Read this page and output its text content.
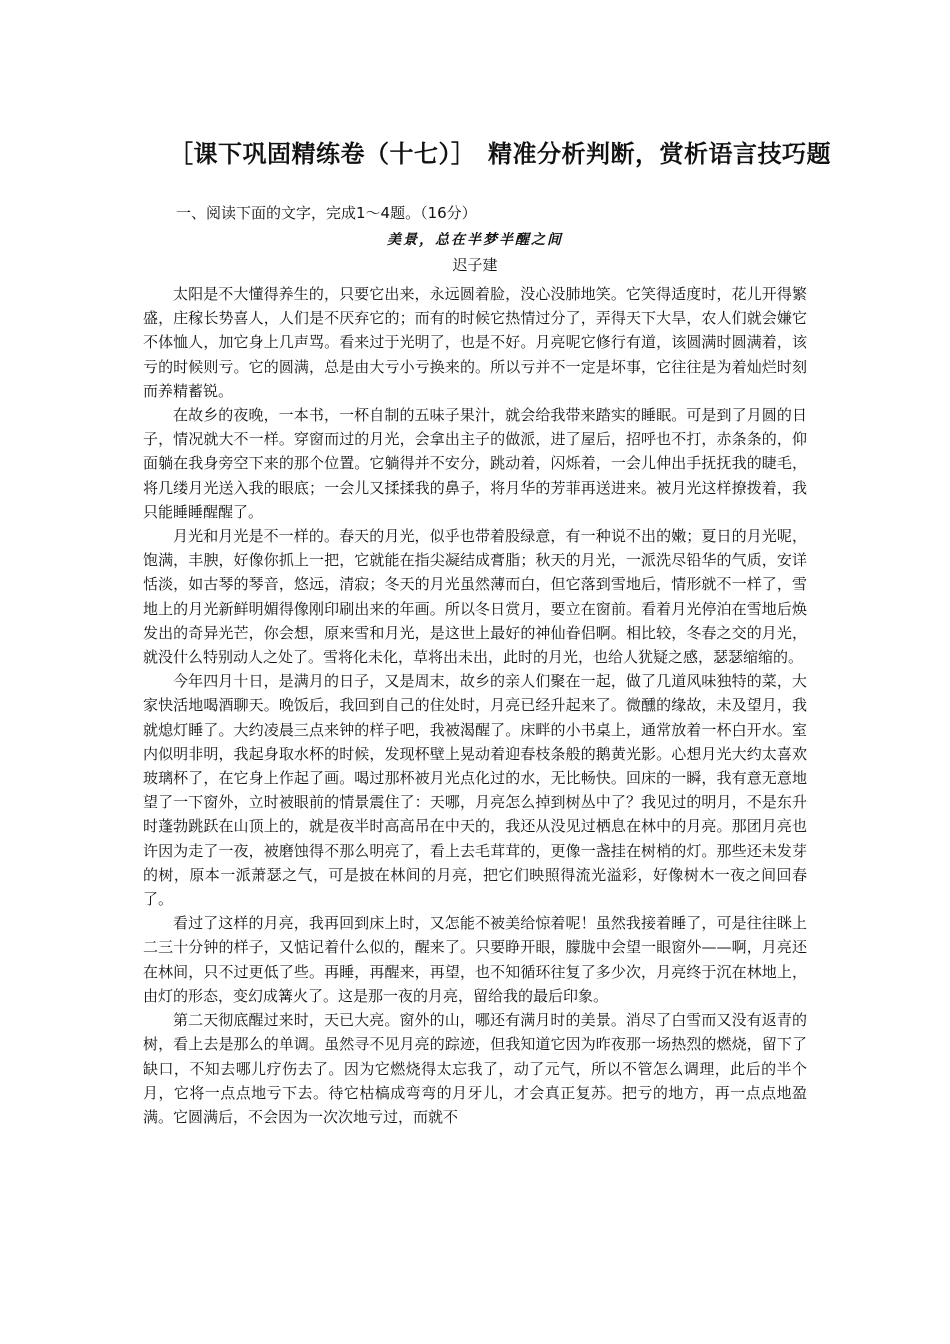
［课下巩固精练卷（十七）］　精准分析判断，赏析语言技巧题
一、阅读下面的文字，完成1～4题。（16分）
美景，总在半梦半醒之间
迟子建

太阳是不大懂得养生的，只要它出来，永远圆着脸，没心没肺地笑。它笑得适度时，花儿开得繁盛，庄稼长势喜人，人们是不厌弃它的；而有的时候它热情过分了，弄得天下大旱，农人们就会嫌它不体恤人，加它身上几声骂。看来过于光明了，也是不好。月亮呢它修行有道，该圆满时圆满着，该亏的时候则亏。它的圆满，总是由大亏小亏换来的。所以亏并不一定是坏事，它往往是为着灿烂时刻而养精蓄锐。

在故乡的夜晚，一本书，一杯自制的五味子果汁，就会给我带来踏实的睡眠。可是到了月圆的日子，情况就大不一样。穿窗而过的月光，会拿出主子的做派，进了屋后，招呼也不打，赤条条的，仰面躺在我身旁空下来的那个位置。它躺得并不安分，跳动着，闪烁着，一会儿伸出手抚抚我的睫毛，将几缕月光送入我的眼底；一会儿又揉揉我的鼻子，将月华的芳菲再送进来。被月光这样撩拨着，我只能睡睡醒醒了。

月光和月光是不一样的。春天的月光，似乎也带着股绿意，有一种说不出的嫩；夏日的月光呢，饱满，丰腴，好像你抓上一把，它就能在指尖凝结成膏脂；秋天的月光，一派洗尽铅华的气质，安详恬淡，如古琴的琴音，悠远，清寂；冬天的月光虽然薄而白，但它落到雪地后，情形就不一样了，雪地上的月光新鲜明媚得像刚印刷出来的年画。所以冬日赏月，要立在窗前。看着月光停泊在雪地后焕发出的奇异光芒，你会想，原来雪和月光，是这世上最好的神仙眷侣啊。相比较，冬春之交的月光，就没什么特别动人之处了。雪将化未化，草将出未出，此时的月光，也给人犹疑之感，瑟瑟缩缩的。

今年四月十日，是满月的日子，又是周末，故乡的亲人们聚在一起，做了几道风味独特的菜，大家快活地喝酒聊天。晚饭后，我回到自己的住处时，月亮已经升起来了。微醺的缘故，未及望月，我就熄灯睡了。大约凌晨三点来钟的样子吧，我被渴醒了。床畔的小书桌上，通常放着一杯白开水。室内似明非明，我起身取水杯的时候，发现杯壁上晃动着迎春枝条般的鹅黄光影。心想月光大约太喜欢玻璃杯了，在它身上作起了画。喝过那杯被月光点化过的水，无比畅快。回床的一瞬，我有意无意地望了一下窗外，立时被眼前的情景震住了：天哪，月亮怎么掉到树丛中了？我见过的明月，不是东升时蓬勃跳跃在山顶上的，就是夜半时高高吊在中天的，我还从没见过栖息在林中的月亮。那团月亮也许因为走了一夜，被磨蚀得不那么明亮了，看上去毛茸茸的，更像一盏挂在树梢的灯。那些还未发芽的树，原本一派萧瑟之气，可是披在林间的月亮，把它们映照得流光溢彩，好像树木一夜之间回春了。

看过了这样的月亮，我再回到床上时，又怎能不被美给惊着呢！虽然我接着睡了，可是往往眯上二三十分钟的样子，又惦记着什么似的，醒来了。只要睁开眼，朦胧中会望一眼窗外——啊，月亮还在林间，只不过更低了些。再睡，再醒来，再望，也不知循环往复了多少次，月亮终于沉在林地上，由灯的形态，变幻成篝火了。这是那一夜的月亮，留给我的最后印象。

第二天彻底醒过来时，天已大亮。窗外的山，哪还有满月时的美景。消尽了白雪而又没有返青的树，看上去是那么的单调。虽然寻不见月亮的踪迹，但我知道它因为昨夜那一场热烈的燃烧，留下了缺口，不知去哪儿疗伤去了。因为它燃烧得太忘我了，动了元气，所以不管怎么调理，此后的半个月，它将一点点地亏下去。待它枯槁成弯弯的月牙儿，才会真正复苏。把亏的地方，再一点点地盈满。它圆满后，不会因为一次次地亏过，而就不
